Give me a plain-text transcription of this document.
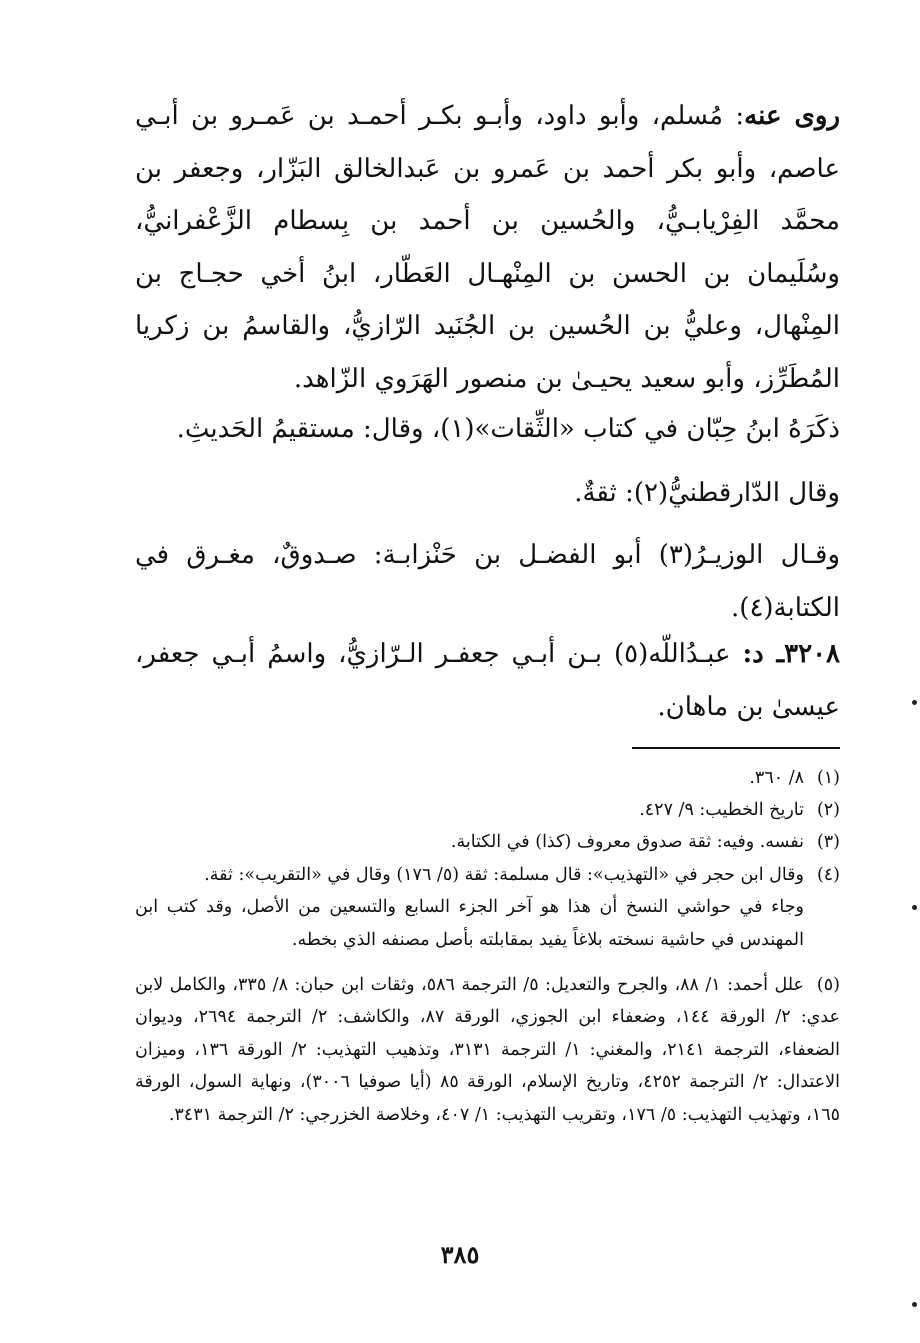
روى عنه: مُسلم، وأبو داود، وأبـو بكـر أحمـد بن عَمـرو بن أبـي عاصم، وأبو بكر أحمد بن عَمرو بن عَبدالخالق البَزّار، وجعفر بن محمَّد الفِرْيابـيُّ، والحُسين بن أحمد بن بِسطام الزَّعْفرانيُّ، وسُلَيمان بن الحسن بن المِنْهـال العَطّار، ابنُ أخي حجـاج بن المِنْهال، وعليُّ بن الحُسين بن الجُنَيد الرّازيُّ، والقاسمُ بن زكريا المُطَرِّز، وأبو سعيد يحيـىٰ بن منصور الهَرَوي الزّاهد.

ذكَرَهُ ابنُ حِبّان في كتاب «الثِّقات»(١)، وقال: مستقيمُ الحَديثِ.

وقال الدّارقطنيُّ(٢): ثقةٌ.

وقـال الوزيـرُ(٣) أبو الفضـل بن حَنْزابـة: صـدوقٌ، مغـرق في الكتابة(٤).

٣٢٠٨ـ د: عبـدُاللّه(٥) بـن أبـي جعفـر الـرّازيُّ، واسمُ أبـي جعفر، عيسىٰ بن ماهان.

(١)٨/ ٣٦٠.

(٢)تاريخ الخطيب: ٩/ ٤٢٧.

(٣)نفسه. وفيه: ثقة صدوق معروف (كذا) في الكتابة.

(٤)وقال ابن حجر في «التهذيب»: قال مسلمة: ثقة (٥/ ١٧٦) وقال في «التقريب»: ثقة.
وجاء في حواشي النسخ أن هذا هو آخر الجزء السابع والتسعين من الأصل، وقد كتب ابن المهندس في حاشية نسخته بلاغاً يفيد بمقابلته بأصل مصنفه الذي بخطه.

(٥)علل أحمد: ١/ ٨٨، والجرح والتعديل: ٥/ الترجمة ٥٨٦، وثقات ابن حبان: ٨/ ٣٣٥، والكامل لابن عدي: ٢/ الورقة ١٤٤، وضعفاء ابن الجوزي، الورقة ٨٧، والكاشف: ٢/ الترجمة ٢٦٩٤، وديوان الضعفاء، الترجمة ٢١٤١، والمغني: ١/ الترجمة ٣١٣١، وتذهيب التهذيب: ٢/ الورقة ١٣٦، وميزان الاعتدال: ٢/ الترجمة ٤٢٥٢، وتاريخ الإسلام، الورقة ٨٥ (أيا صوفيا ٣٠٠٦)، ونهاية السول، الورقة ١٦٥، وتهذيب التهذيب: ٥/ ١٧٦، وتقريب التهذيب: ١/ ٤٠٧، وخلاصة الخزرجي: ٢/ الترجمة ٣٤٣١.

٣٨٥
